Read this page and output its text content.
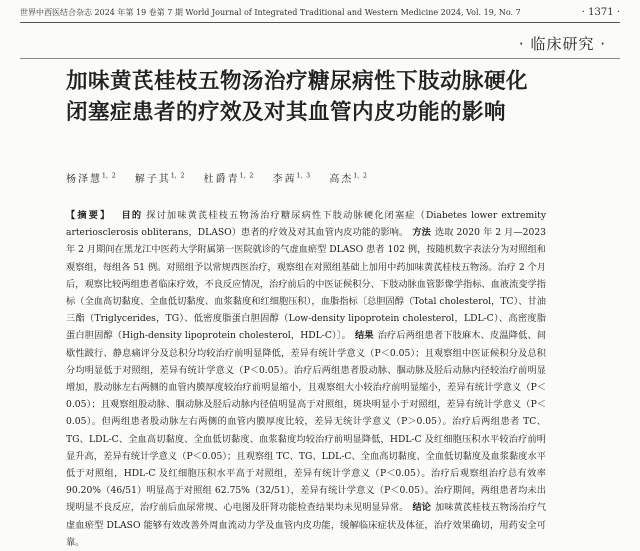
世界中西医结合杂志 2024 年第 19 卷第 7 期 World Journal of Integrated Traditional and Western Medicine 2024, Vol. 19, No. 7	· 1371 ·
· 临床研究 ·
加味黄芪桂枝五物汤治疗糖尿病性下肢动脉硬化闭塞症患者的疗效及对其血管内皮功能的影响
杨泽慧$^{1,2}$ 解子其$^{1,2}$ 杜爵青$^{1,2}$ 李茜$^{1,3}$ 高杰$^{1,2}$

【摘要】 目的 探讨加味黄芪桂枝五物汤治疗糖尿病性下肢动脉硬化闭塞症（Diabetes lower extremity arteriosclerosis obliterans，DLASO）患者的疗效及对其血管内皮功能的影响。 方法 选取 2020 年 2 月—2023 年 2 月期间在黑龙江中医药大学附属第一医院就诊的气虚血瘀型 DLASO 患者 102 例，按随机数字表法分为对照组和观察组，每组各 51 例。对照组予以常规西医治疗，观察组在对照组基础上加用中药加味黄芪桂枝五物汤。治疗 2 个月后，观察比较两组患者临床疗效，不良反应情况，治疗前后的中医证候积分、下肢动脉血管影像学指标、血液流变学指标（全血高切黏度、全血低切黏度、血浆黏度和红细胞压积），血脂指标〔总胆固醇（Total cholesterol，TC）、甘油三酯（Triglycerides，TG）、低密度脂蛋白胆固醇（Low-density lipoprotein cholesterol，LDL-C）、高密度脂蛋白胆固醇（High-density lipoprotein cholesterol，HDL-C）〕。 结果 治疗后两组患者下肢麻木、皮温降低、间歇性跛行、静息痛评分及总积分均较治疗前明显降低，差异有统计学意义（P＜0.05）；且观察组中医证候积分及总积分均明显低于对照组，差异有统计学意义（P＜0.05）。治疗后两组患者股动脉、腘动脉及胫后动脉内径较治疗前明显增加，股动脉左右两侧的血管内膜厚度较治疗前明显缩小，且观察组大小较治疗前明显缩小，差异有统计学意义（P＜0.05）；且观察组股动脉、腘动脉及胫后动脉内径值明显高于对照组，斑块明显小于对照组，差异有统计学意义（P＜0.05）。但两组患者股动脉左右两侧的血管内膜厚度比较，差异无统计学意义（P＞0.05）。治疗后两组患者 TC、TG、LDL-C、全血高切黏度、全血低切黏度、血浆黏度均较治疗前明显降低，HDL-C 及红细胞压积水平较治疗前明显升高，差异有统计学意义（P＜0.05）；且观察组 TC、TG、LDL-C、全血高切黏度、全血低切黏度及血浆黏度水平低于对照组，HDL-C 及红细胞压积水平高于对照组，差异有统计学意义（P＜0.05）。治疗后观察组治疗总有效率 90.20%（46/51）明显高于对照组 62.75%（32/51），差异有统计学意义（P＜0.05）。治疗期间，两组患者均未出现明显不良反应，治疗前后血尿常规、心电图及肝肾功能检查结果均未见明显异常。 结论 加味黄芪桂枝五物汤治疗气虚血瘀型 DLASO 能够有效改善外周血流动力学及血管内皮功能，缓解临床症状及体征，治疗效果确切，用药安全可靠。
